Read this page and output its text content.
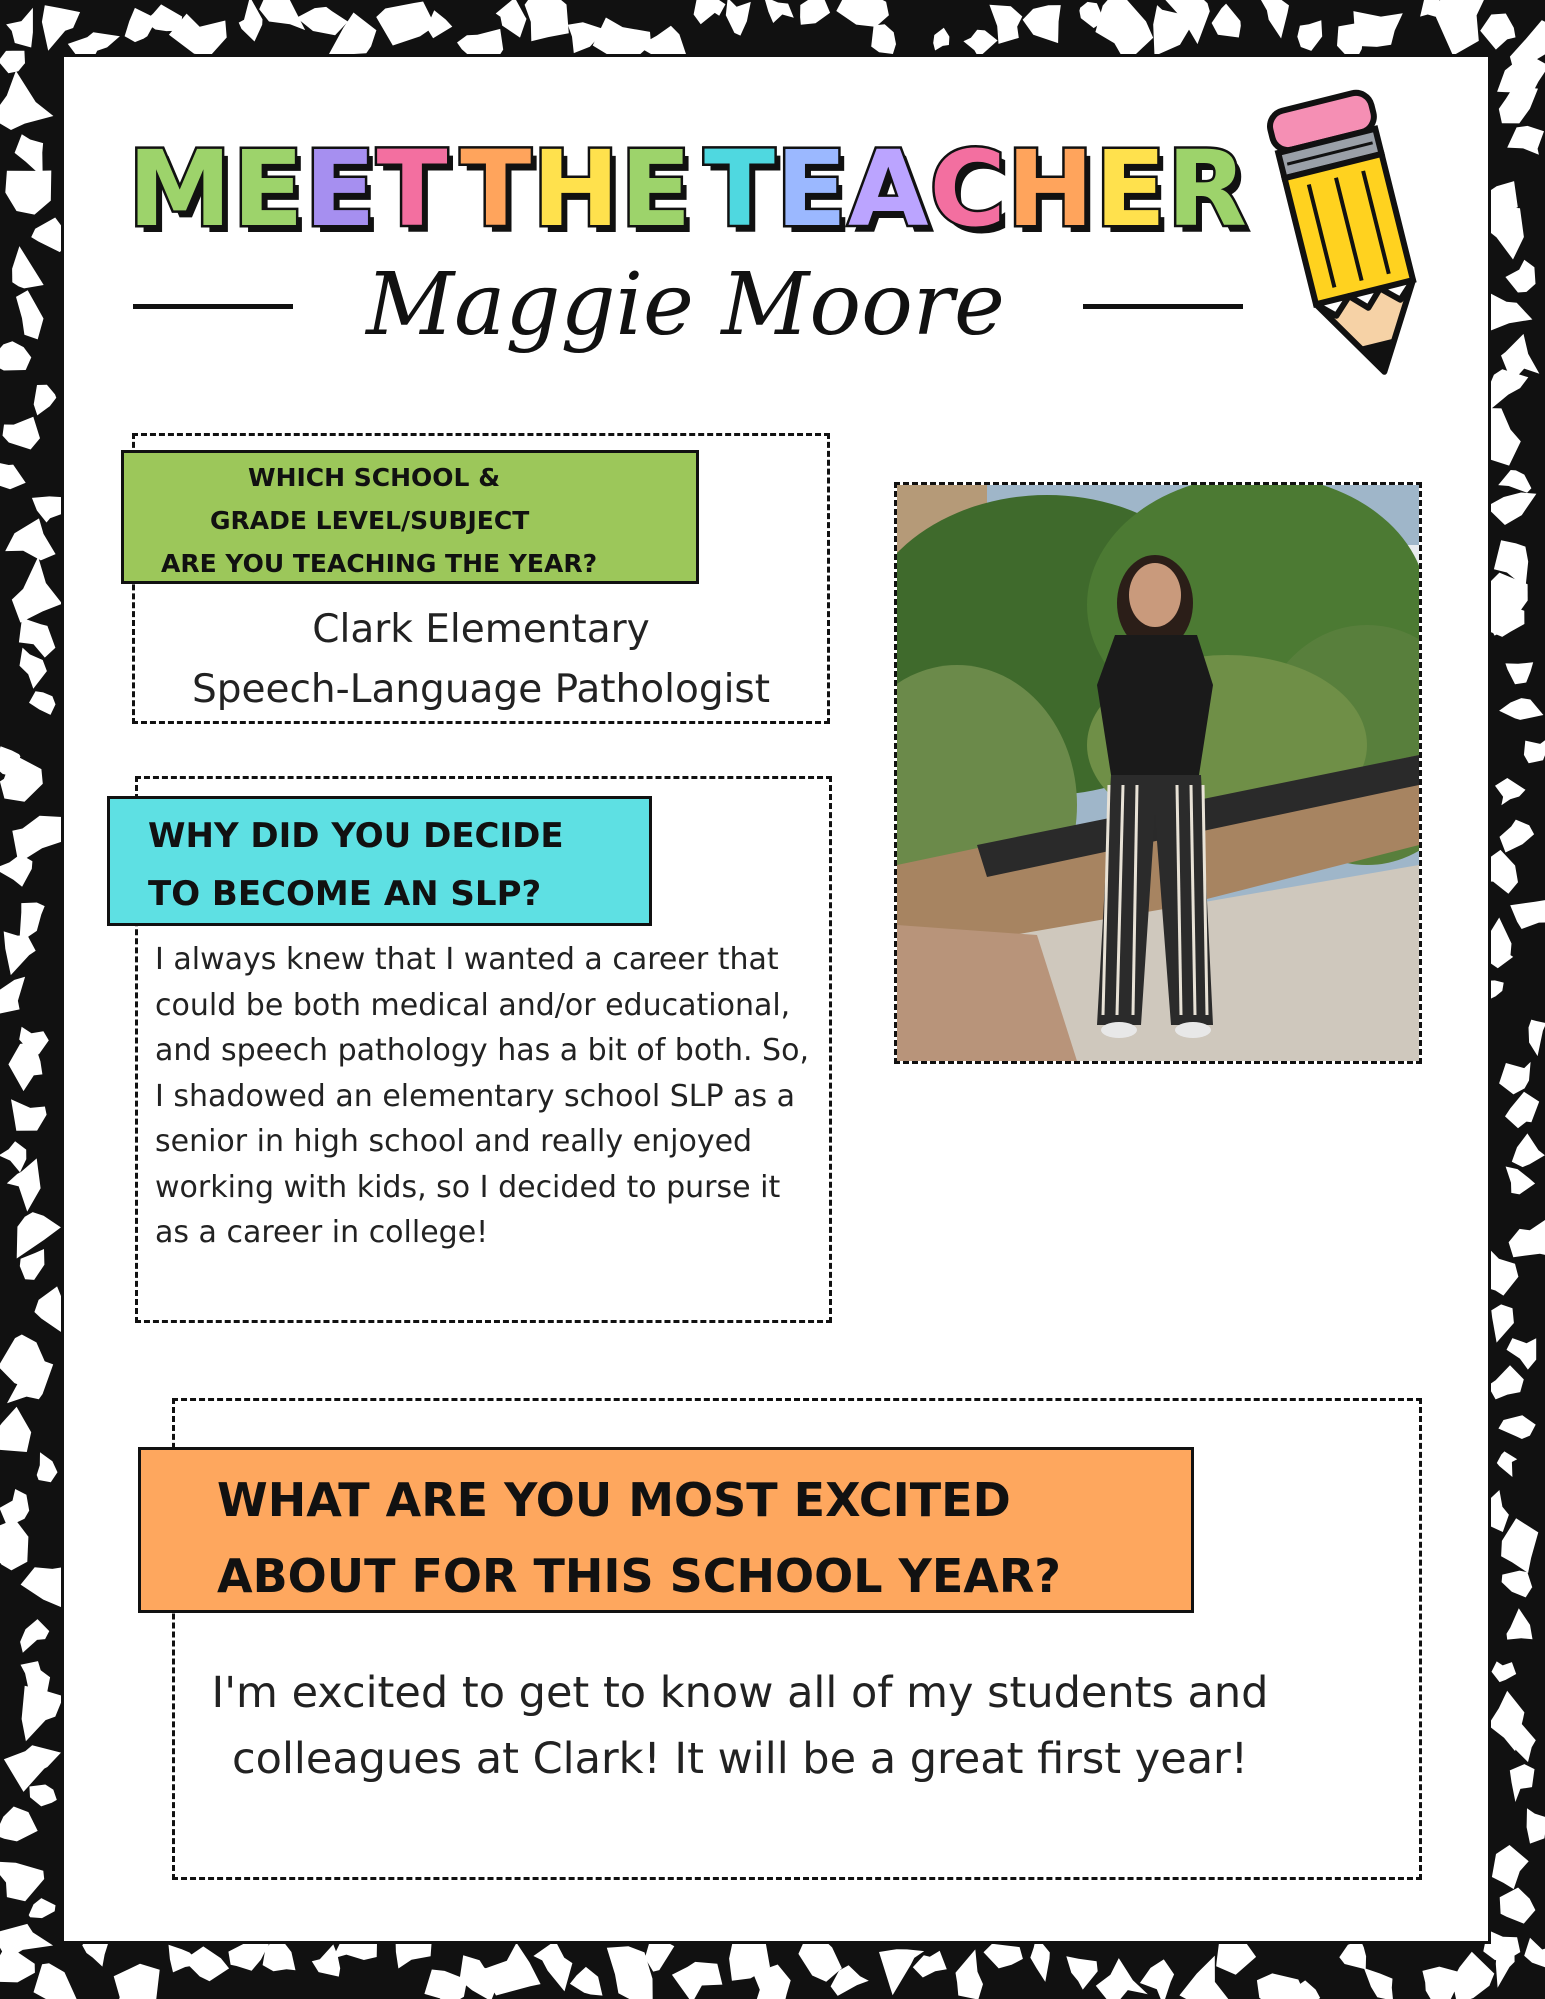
M E E T T H E T E A C H E R
Maggie Moore
WHICH SCHOOL &
GRADE LEVEL/SUBJECT
ARE YOU TEACHING THE YEAR?
Clark Elementary
Speech-Language Pathologist
WHY DID YOU DECIDE
TO BECOME AN SLP?

I always knew that I wanted a career that could be both medical and/or educational, and speech pathology has a bit of both. So, I shadowed an elementary school SLP as a senior in high school and really enjoyed working with kids, so I decided to purse it as a career in college!

WHAT ARE YOU MOST EXCITED
ABOUT FOR THIS SCHOOL YEAR?
I'm excited to get to know all of my students and colleagues at Clark! It will be a great first year!
